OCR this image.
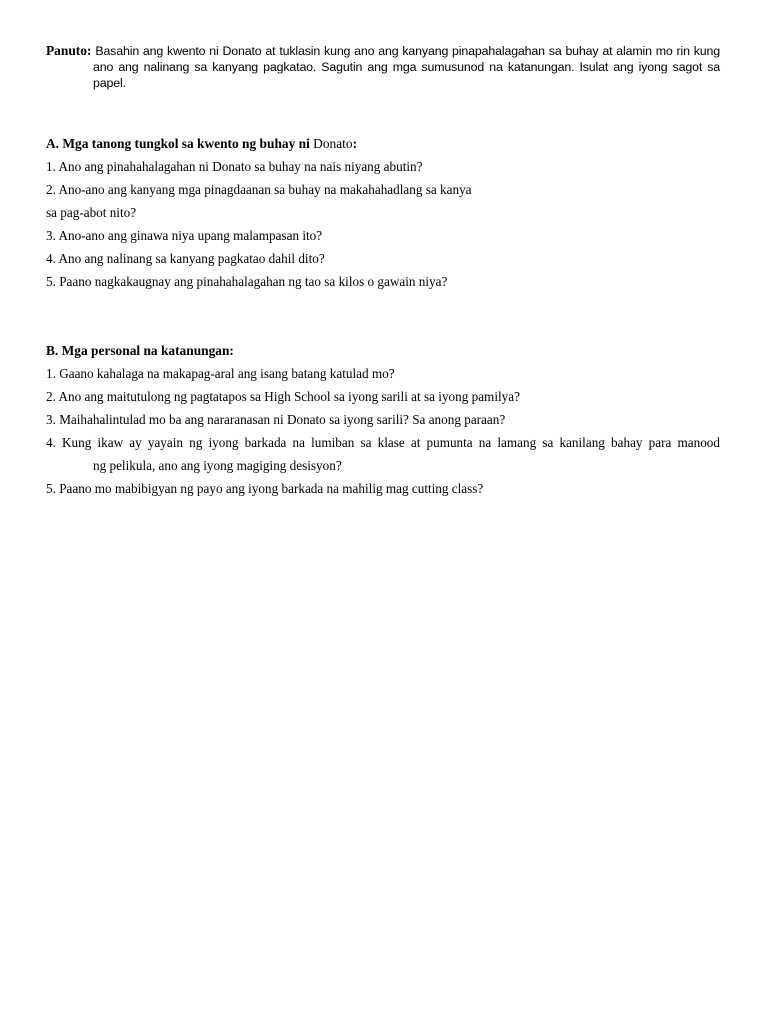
Panuto: Basahin ang kwento ni Donato at tuklasin kung ano ang kanyang pinapahalagahan sa buhay at alamin mo rin kung ano ang nalinang sa kanyang pagkatao. Sagutin ang mga sumusunod na katanungan. Isulat ang iyong sagot sa papel.
A. Mga tanong tungkol sa kwento ng buhay ni Donato:
1. Ano ang pinahahalagahan ni Donato sa buhay na nais niyang abutin?
2. Ano-ano ang kanyang mga pinagdaanan sa buhay na makahahadlang sa kanya
sa pag-abot nito?
3. Ano-ano ang ginawa niya upang malampasan ito?
4. Ano ang nalinang sa kanyang pagkatao dahil dito?
5. Paano nagkakaugnay ang pinahahalagahan ng tao sa kilos o gawain niya?
B. Mga personal na katanungan:
1. Gaano kahalaga na makapag-aral ang isang batang katulad mo?
2. Ano ang maitutulong ng pagtatapos sa High School sa iyong sarili at sa iyong pamilya?
3. Maihahalintulad mo ba ang nararanasan ni Donato sa iyong sarili? Sa anong paraan?
4. Kung ikaw ay yayain ng iyong barkada na lumiban sa klase at pumunta na lamang sa kanilang bahay para manood
ng pelikula, ano ang iyong magiging desisyon?
5. Paano mo mabibigyan ng payo ang iyong barkada na mahilig mag cutting class?
